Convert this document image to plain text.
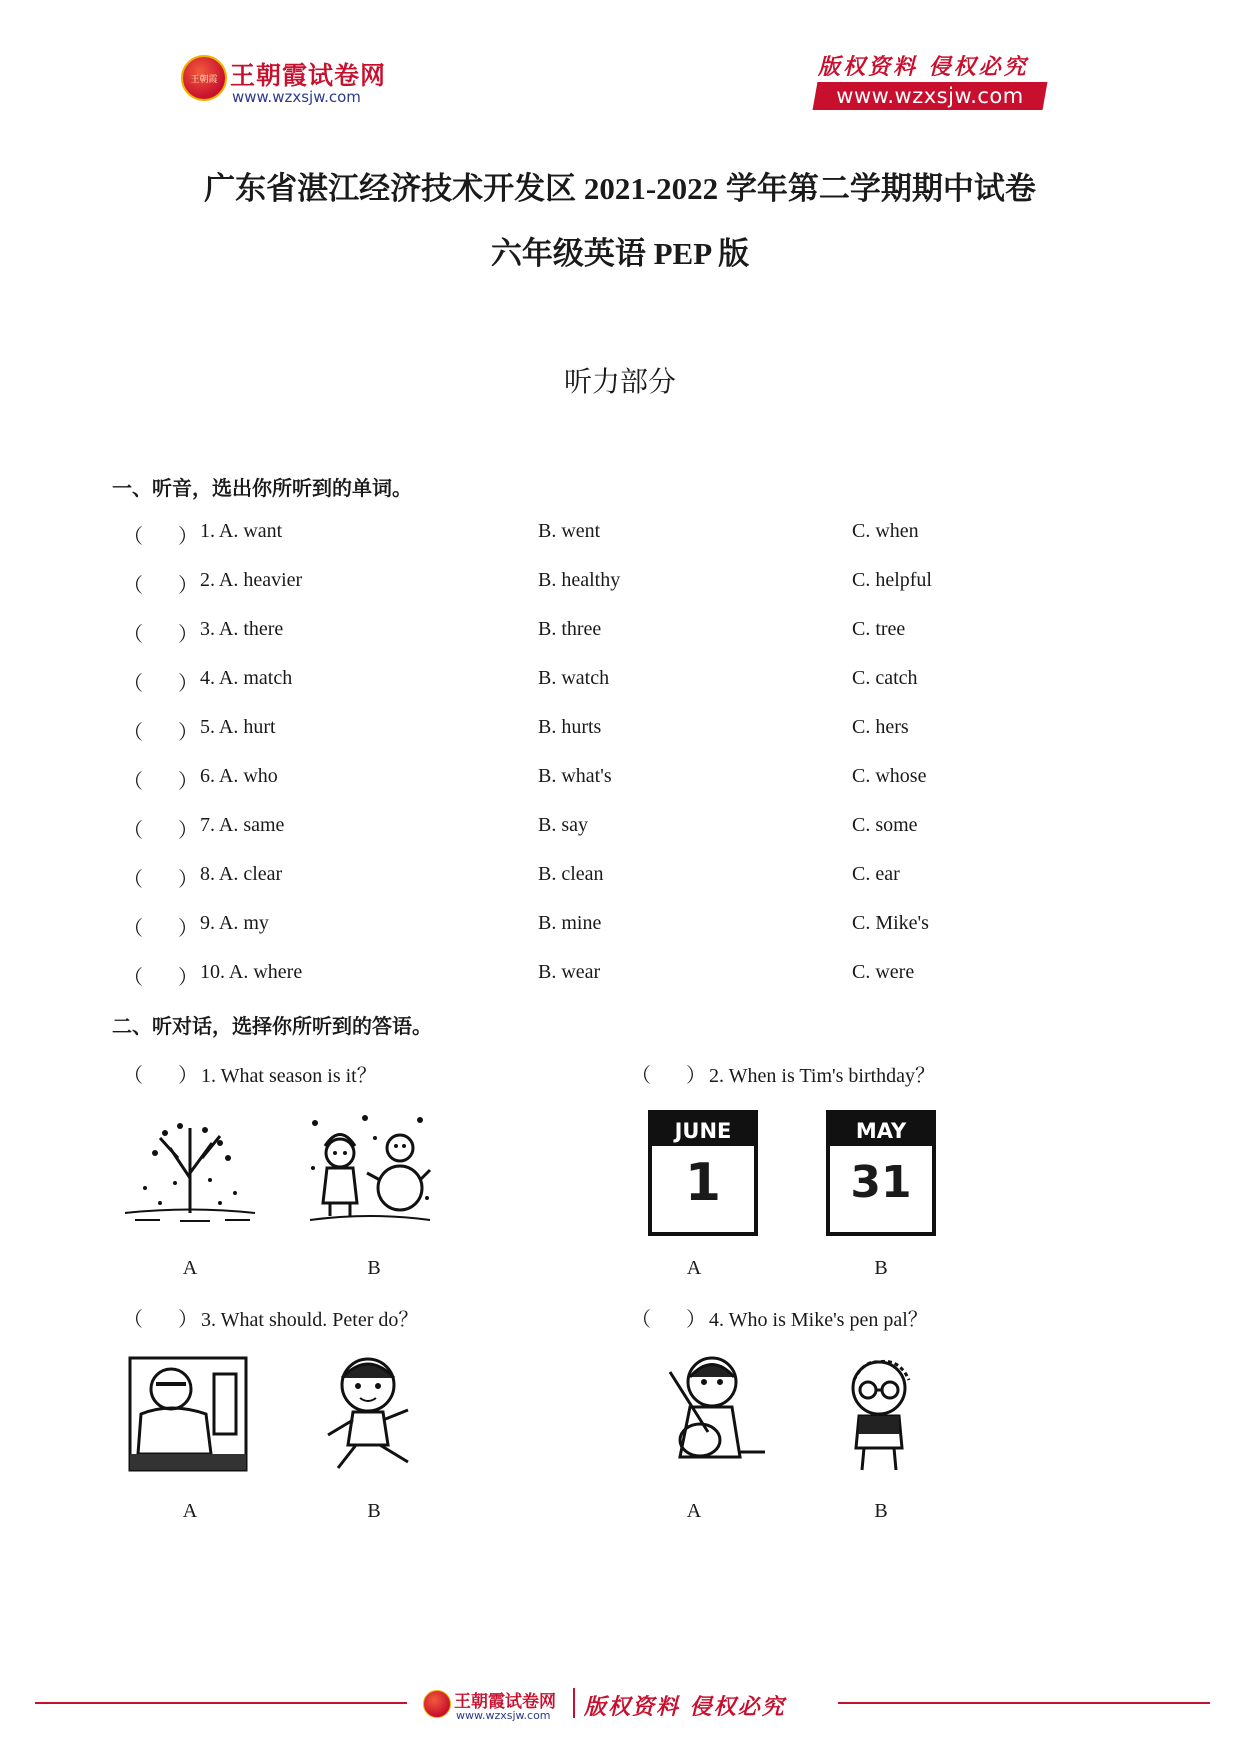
王朝霞 王朝霞试卷网
www.wzxsjw.com
版权资料 侵权必究
www.wzxsjw.com
广东省湛江经济技术开发区 2021-2022 学年第二学期期中试卷
六年级英语 PEP 版
听力部分
一、听音，选出你所听到的单词。
（ ） 1. A. want	B. went	C. when
（ ） 2. A. heavier	B. healthy	C. helpful
（ ） 3. A. there	B. three	C. tree
（ ） 4. A. match	B. watch	C. catch
（ ） 5. A. hurt	B. hurts	C. hers
（ ） 6. A. who	B. what's	C. whose
（ ） 7. A. same	B. say	C. some
（ ） 8. A. clear	B. clean	C. ear
（ ） 9. A. my	B. mine	C. Mike's
（ ） 10. A. where	B. wear	C. were
二、听对话，选择你所听到的答语。
（ ） 1. What season is it？
A	B
（ ） 2. When is Tim's birthday？
JUNE
1
MAY
31
A	B
（ ） 3. What should. Peter do？
A	B
（ ） 4. Who is Mike's pen pal？
A	B
王朝霞试卷网
www.wzxsjw.com 版权资料 侵权必究
